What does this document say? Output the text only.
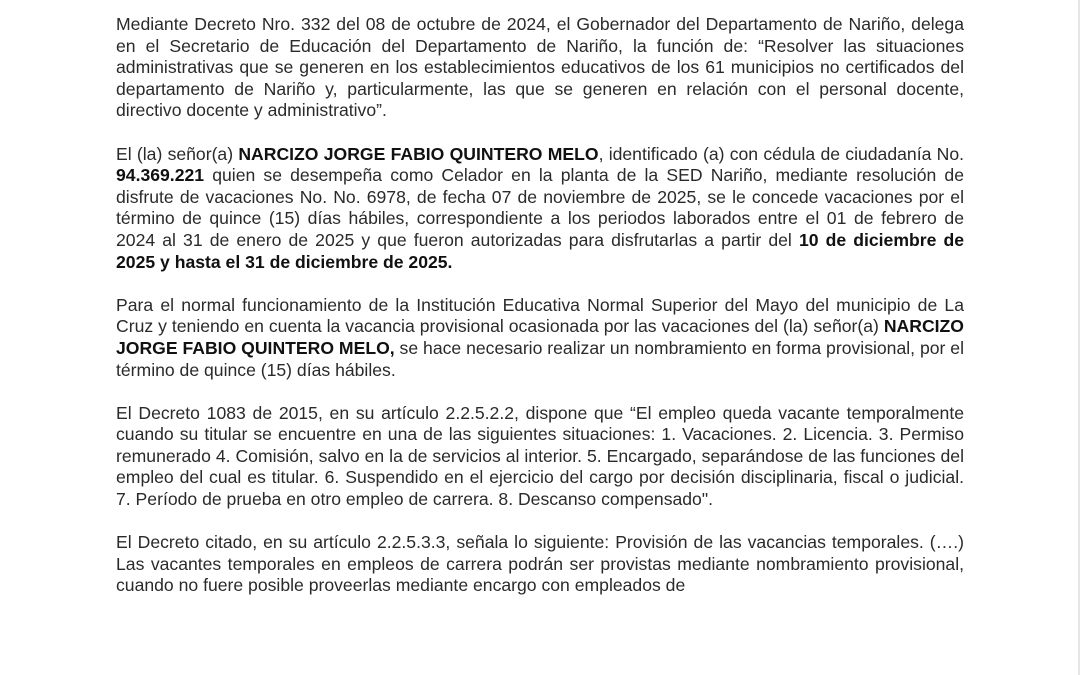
Mediante Decreto Nro. 332 del 08 de octubre de 2024, el Gobernador del Departamento de Nariño, delega en el Secretario de Educación del Departamento de Nariño, la función de: “Resolver las situaciones administrativas que se generen en los establecimientos educativos de los 61 municipios no certificados del departamento de Nariño y, particularmente, las que se generen en relación con el personal docente, directivo docente y administrativo”.

El (la) señor(a) NARCIZO JORGE FABIO QUINTERO MELO, identificado (a) con cédula de ciudadanía No. 94.369.221 quien se desempeña como Celador en la planta de la SED Nariño, mediante resolución de disfrute de vacaciones No. No. 6978, de fecha 07 de noviembre de 2025, se le concede vacaciones por el término de quince (15) días hábiles, correspondiente a los periodos laborados entre el 01 de febrero de 2024 al 31 de enero de 2025 y que fueron autorizadas para disfrutarlas a partir del 10 de diciembre de 2025 y hasta el 31 de diciembre de 2025.

Para el normal funcionamiento de la Institución Educativa Normal Superior del Mayo del municipio de La Cruz y teniendo en cuenta la vacancia provisional ocasionada por las vacaciones del (la) señor(a) NARCIZO JORGE FABIO QUINTERO MELO, se hace necesario realizar un nombramiento en forma provisional, por el término de quince (15) días hábiles.

El Decreto 1083 de 2015, en su artículo 2.2.5.2.2, dispone que “El empleo queda vacante temporalmente cuando su titular se encuentre en una de las siguientes situaciones: 1. Vacaciones. 2. Licencia. 3. Permiso remunerado 4. Comisión, salvo en la de servicios al interior. 5. Encargado, separándose de las funciones del empleo del cual es titular. 6. Suspendido en el ejercicio del cargo por decisión disciplinaria, fiscal o judicial. 7. Período de prueba en otro empleo de carrera. 8. Descanso compensado".

El Decreto citado, en su artículo 2.2.5.3.3, señala lo siguiente: Provisión de las vacancias temporales. (….) Las vacantes temporales en empleos de carrera podrán ser provistas mediante nombramiento provisional, cuando no fuere posible proveerlas mediante encargo con empleados de
